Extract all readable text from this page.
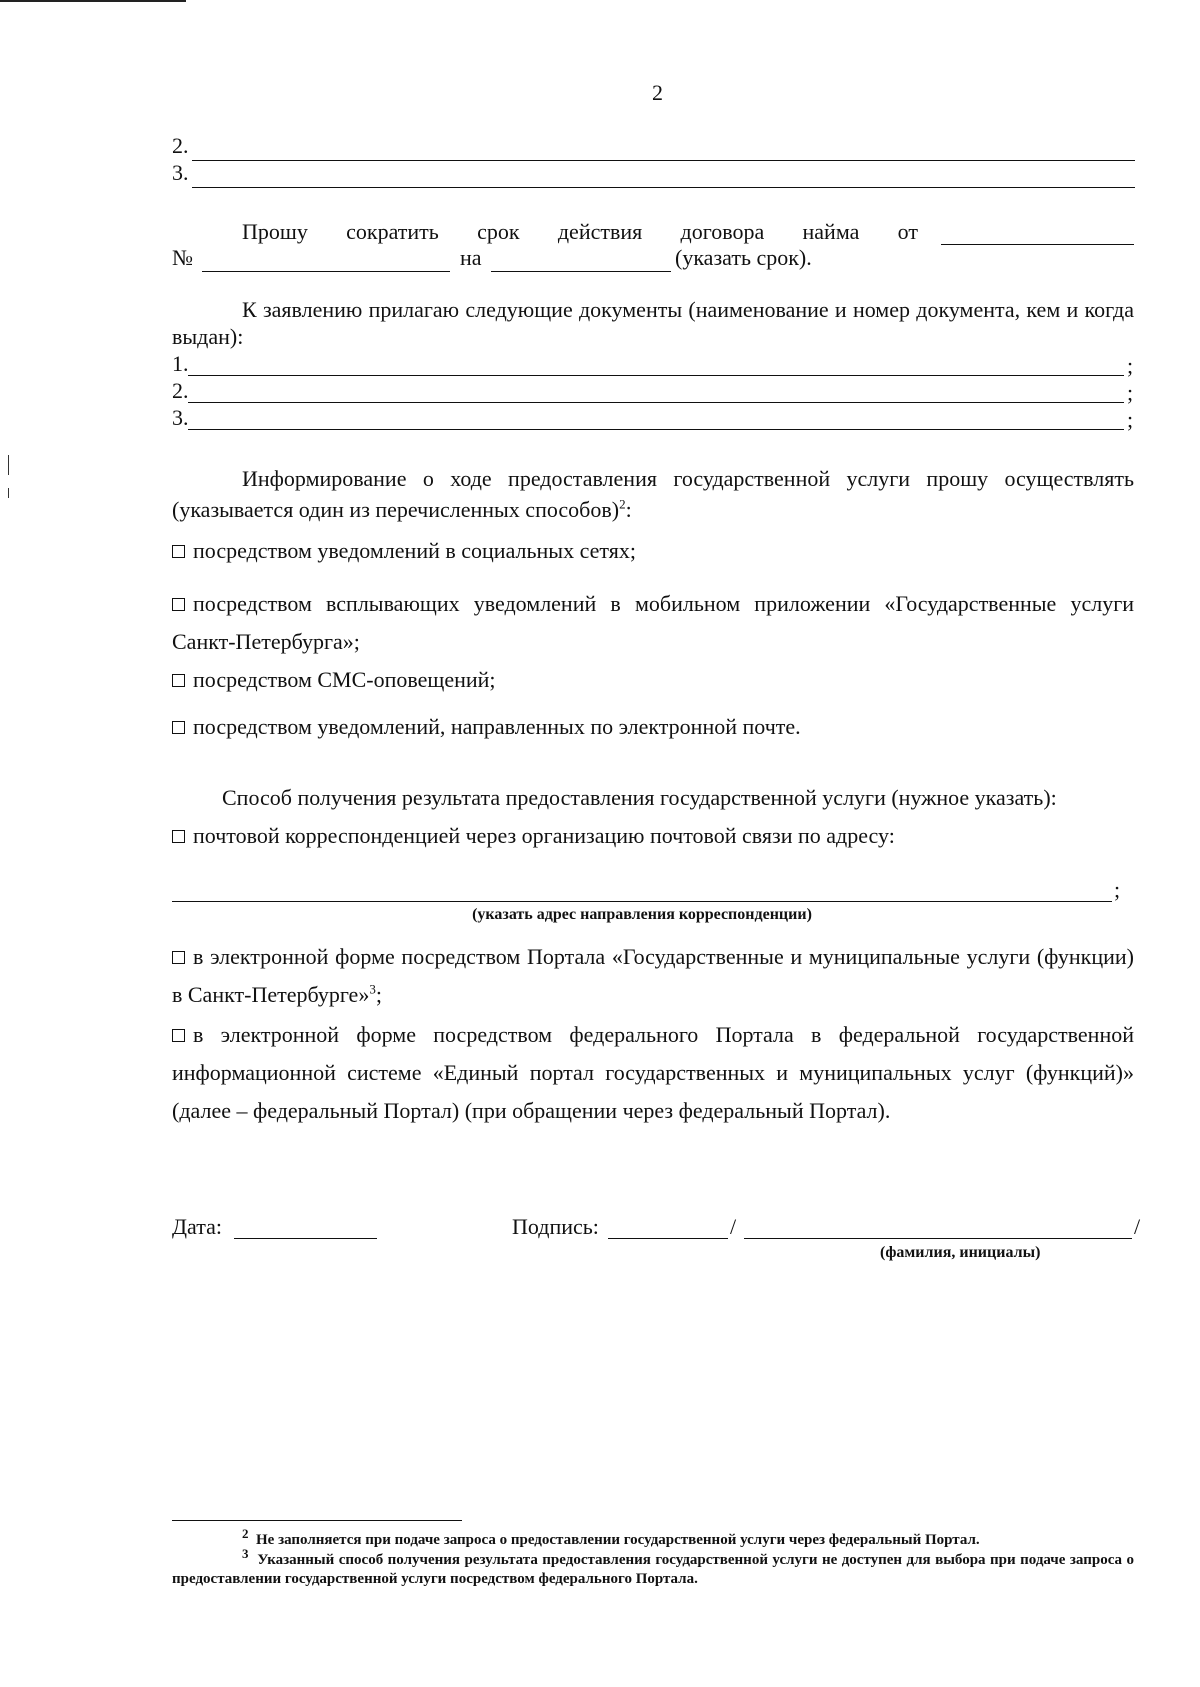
2
2.
3.
Прошу сократить срок действия договора найма от
№	на	(указать срок).
К заявлению прилагаю следующие документы (наименование и номер документа, кем и когда выдан):
1.	;
2.	;
3.	;
Информирование о ходе предоставления государственной услуги прошу осуществлять (указывается один из перечисленных способов)$^2$:
посредством уведомлений в социальных сетях;
посредством всплывающих уведомлений в мобильном приложении «Государственные услуги Санкт-Петербурга»;
посредством СМС-оповещений;
посредством уведомлений, направленных по электронной почте.
Способ получения результата предоставления государственной услуги (нужное указать):
почтовой корреспонденцией через организацию почтовой связи по адресу:
;
(указать адрес направления корреспонденции)
в электронной форме посредством Портала «Государственные и муниципальные услуги (функции) в Санкт-Петербурге»$^3$;
в электронной форме посредством федерального Портала в федеральной государственной информационной системе «Единый портал государственных и муниципальных услуг (функций)» (далее – федеральный Портал) (при обращении через федеральный Портал).
Дата:	Подпись:	/	/
(фамилия, инициалы)
$^2$ Не заполняется при подаче запроса о предоставлении государственной услуги через федеральный Портал.
$^3$ Указанный способ получения результата предоставления государственной услуги не доступен для выбора при подаче запроса о предоставлении государственной услуги посредством федерального Портала.
